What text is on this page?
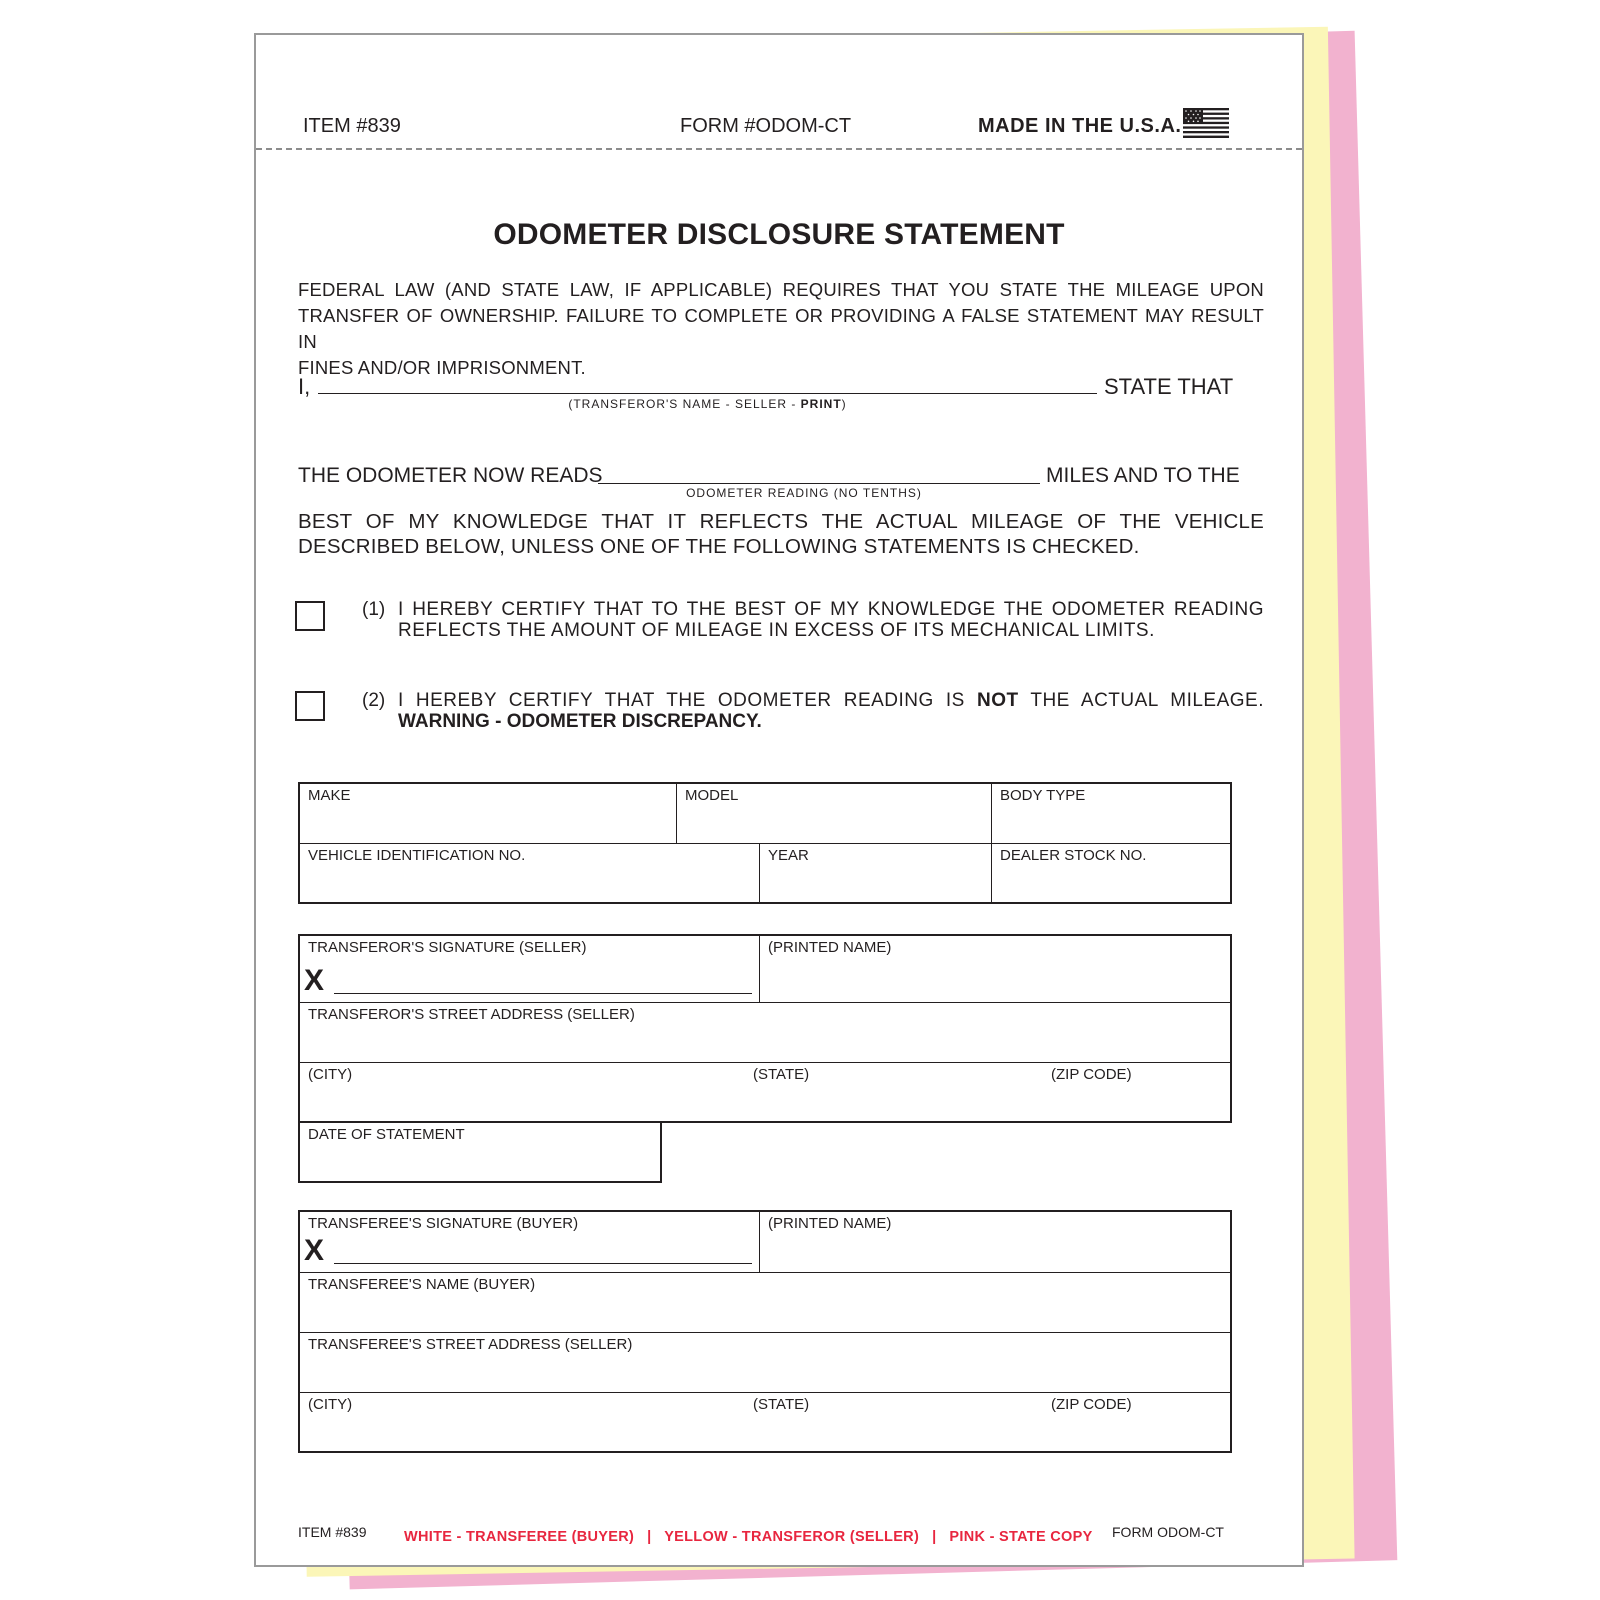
ITEM #839	FORM #ODOM-CT	MADE IN THE U.S.A.
ODOMETER DISCLOSURE STATEMENT
FEDERAL LAW (AND STATE LAW, IF APPLICABLE) REQUIRES THAT YOU STATE THE MILEAGE UPON
TRANSFER OF OWNERSHIP. FAILURE TO COMPLETE OR PROVIDING A FALSE STATEMENT MAY RESULT IN
FINES AND/OR IMPRISONMENT.
I,	STATE THAT
(TRANSFEROR'S NAME - SELLER - PRINT)
THE ODOMETER NOW READS	MILES AND TO THE
ODOMETER READING (NO TENTHS)
BEST OF MY KNOWLEDGE THAT IT REFLECTS THE ACTUAL MILEAGE OF THE VEHICLE
DESCRIBED BELOW, UNLESS ONE OF THE FOLLOWING STATEMENTS IS CHECKED.
(1) I HEREBY CERTIFY THAT TO THE BEST OF MY KNOWLEDGE THE ODOMETER READING REFLECTS THE AMOUNT OF MILEAGE IN EXCESS OF ITS MECHANICAL LIMITS.
(2) I HEREBY CERTIFY THAT THE ODOMETER READING IS NOT THE ACTUAL MILEAGE.
WARNING - ODOMETER DISCREPANCY.
MAKE	MODEL	BODY TYPE
VEHICLE IDENTIFICATION NO.	YEAR	DEALER STOCK NO.
TRANSFEROR'S SIGNATURE (SELLER)	(PRINTED NAME)
TRANSFEROR'S STREET ADDRESS (SELLER)
(CITY)	(STATE)	(ZIP CODE)
X
DATE OF STATEMENT
TRANSFEREE'S SIGNATURE (BUYER)	(PRINTED NAME)
TRANSFEREE'S NAME (BUYER)
TRANSFEREE'S STREET ADDRESS (SELLER)
(CITY)	(STATE)	(ZIP CODE)
X
ITEM #839	WHITE - TRANSFEREE (BUYER)   |   YELLOW - TRANSFEROR (SELLER)   |   PINK - STATE COPY	FORM ODOM-CT
